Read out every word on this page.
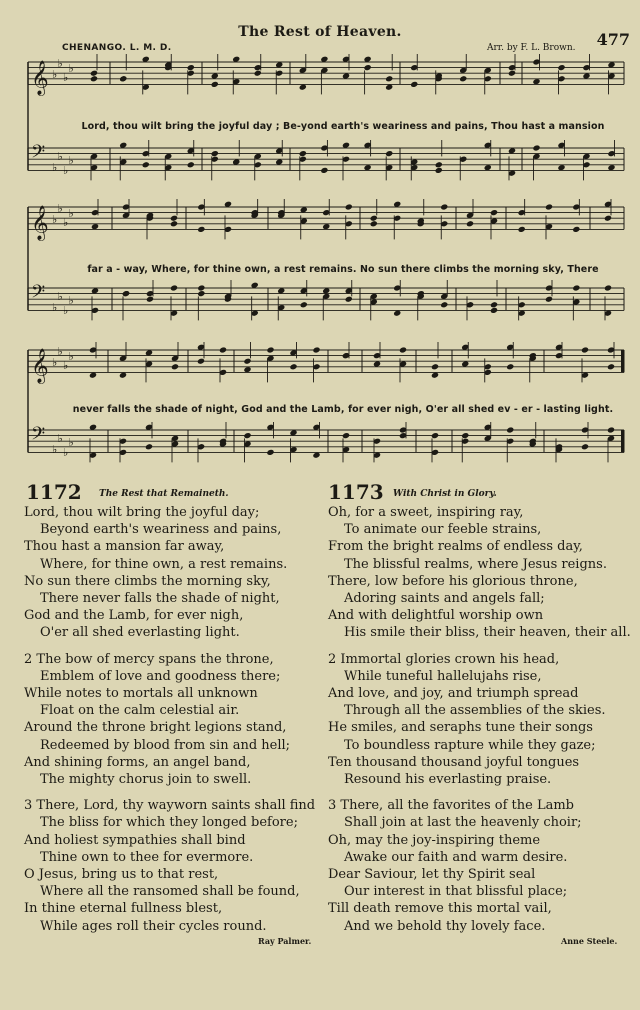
The Rest of Heaven.	477
CHENANGO. L. M. D.	Arr. by F. L. Brown.
𝄞 ♭
♭
♭
♭
𝄢
♭
♭
♭
♭
𝄞 ♭
♭
♭
♭
𝄢
♭
♭
♭
♭
𝄞 ♭
♭
♭
♭
𝄢
♭
♭
♭
♭
Lord, thou wilt bring the joyful day ; Be-yond earth's weariness and pains, Thou hast a mansion
far a - way, Where, for thine own, a rest remains. No sun there climbs the morning sky, There
never falls the shade of night, God and the Lamb, for ever nigh, O'er all shed ev - er - lasting light.
1172 The Rest that Remaineth.
Lord, thou wilt bring the joyful day;
Beyond earth's weariness and pains,
Thou hast a mansion far away,
Where, for thine own, a rest remains.
No sun there climbs the morning sky,
There never falls the shade of night,
God and the Lamb, for ever nigh,
O'er all shed everlasting light.
2 The bow of mercy spans the throne,
Emblem of love and goodness there;
While notes to mortals all unknown
Float on the calm celestial air.
Around the throne bright legions stand,
Redeemed by blood from sin and hell;
And shining forms, an angel band,
The mighty chorus join to swell.
3 There, Lord, thy wayworn saints shall find
The bliss for which they longed before;
And holiest sympathies shall bind
Thine own to thee for evermore.
O Jesus, bring us to that rest,
Where all the ransomed shall be found,
In thine eternal fullness blest,
While ages roll their cycles round.
Ray Palmer.
1173 With Christ in Glory.
Oh, for a sweet, inspiring ray,
To animate our feeble strains,
From the bright realms of endless day,
The blissful realms, where Jesus reigns.
There, low before his glorious throne,
Adoring saints and angels fall;
And with delightful worship own
His smile their bliss, their heaven, their all.
2 Immortal glories crown his head,
While tuneful hallelujahs rise,
And love, and joy, and triumph spread
Through all the assemblies of the skies.
He smiles, and seraphs tune their songs
To boundless rapture while they gaze;
Ten thousand thousand joyful tongues
Resound his everlasting praise.
3 There, all the favorites of the Lamb
Shall join at last the heavenly choir;
Oh, may the joy-inspiring theme
Awake our faith and warm desire.
Dear Saviour, let thy Spirit seal
Our interest in that blissful place;
Till death remove this mortal vail,
And we behold thy lovely face.
Anne Steele.
